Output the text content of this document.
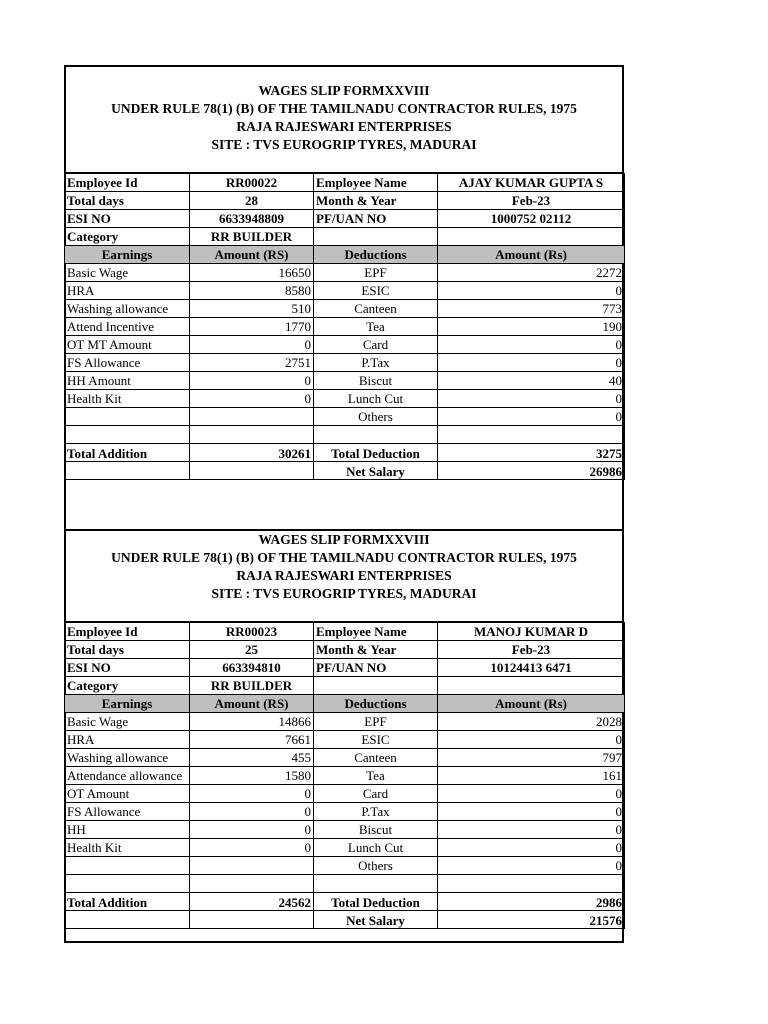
WAGES SLIP FORMXXVIII
UNDER RULE 78(1) (B) OF THE TAMILNADU CONTRACTOR RULES, 1975
RAJA RAJESWARI ENTERPRISES
SITE : TVS EUROGRIP TYRES, MADURAI
Employee Id	RR00022	Employee Name	AJAY KUMAR GUPTA S
Total days	28	Month & Year	Feb-23
ESI NO	6633948809	PF/UAN NO	1000752 02112
Category	RR BUILDER		
Earnings	Amount (RS)	Deductions	Amount (Rs)
Basic Wage	16650	EPF	2272
HRA	8580	ESIC	0
Washing allowance	510	Canteen	773
Attend Incentive	1770	Tea	190
OT MT Amount	0	Card	0
FS Allowance	2751	P.Tax	0
HH Amount	0	Biscut	40
Health Kit	0	Lunch Cut	0
		Others	0

Total Addition	30261	Total Deduction	3275
		Net Salary	26986
WAGES SLIP FORMXXVIII
UNDER RULE 78(1) (B) OF THE TAMILNADU CONTRACTOR RULES, 1975
RAJA RAJESWARI ENTERPRISES
SITE : TVS EUROGRIP TYRES, MADURAI
Employee Id	RR00023	Employee Name	MANOJ KUMAR D
Total days	25	Month & Year	Feb-23
ESI NO	663394810	PF/UAN NO	10124413 6471
Category	RR BUILDER		
Earnings	Amount (RS)	Deductions	Amount (Rs)
Basic Wage	14866	EPF	2028
HRA	7661	ESIC	0
Washing allowance	455	Canteen	797
Attendance allowance	1580	Tea	161
OT Amount	0	Card	0
FS Allowance	0	P.Tax	0
HH	0	Biscut	0
Health Kit	0	Lunch Cut	0
		Others	0

Total Addition	24562	Total Deduction	2986
		Net Salary	21576
